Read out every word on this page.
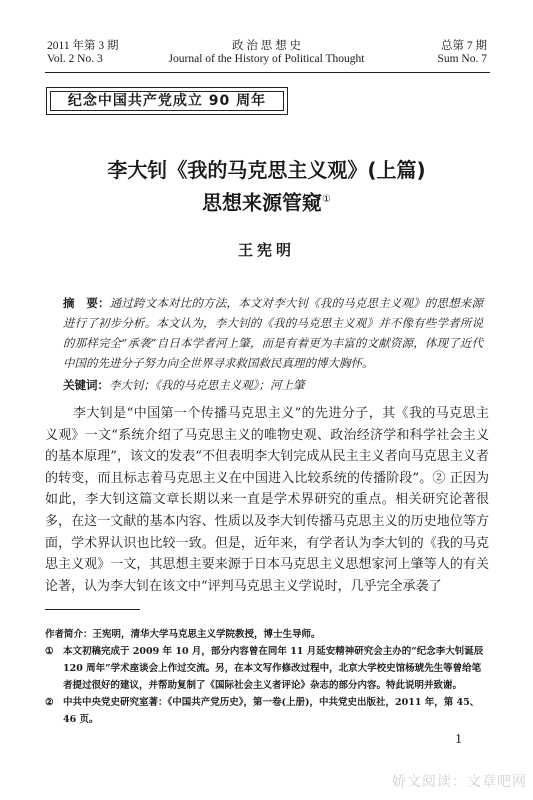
2011 年第 3 期
Vol. 2 No. 3
政 治 思 想 史
Journal of the History of Political Thought
总第 7 期
Sum No. 7
纪念中国共产党成立 90 周年
李大钊《我的马克思主义观》(上篇)
思想来源管窥①
王宪明
摘　要：通过跨文本对比的方法，本文对李大钊《我的马克思主义观》的思想来源进行了初步分析。本文认为，李大钊的《我的马克思主义观》并不像有些学者所说的那样完全“承袭”自日本学者河上肇，而是有着更为丰富的文献资源，体现了近代中国的先进分子努力向全世界寻求救国救民真理的博大胸怀。
关键词：李大钊；《我的马克思主义观》；河上肇
李大钊是“中国第一个传播马克思主义”的先进分子，其《我的马克思主义观》一文“系统介绍了马克思主义的唯物史观、政治经济学和科学社会主义的基本原理”，该文的发表“不但表明李大钊完成从民主主义者向马克思主义者的转变，而且标志着马克思主义在中国进入比较系统的传播阶段”。② 正因为如此，李大钊这篇文章长期以来一直是学术界研究的重点。相关研究论著很多，在这一文献的基本内容、性质以及李大钊传播马克思主义的历史地位等方面，学术界认识也比较一致。但是，近年来，有学者认为李大钊的《我的马克思主义观》一文，其思想主要来源于日本马克思主义思想家河上肇等人的有关论著，认为李大钊在该文中“评判马克思主义学说时，几乎完全承袭了
作者简介：王宪明，清华大学马克思主义学院教授，博士生导师。
① 本文初稿完成于 2009 年 10 月，部分内容曾在同年 11 月延安精神研究会主办的“纪念李大钊诞辰 120 周年”学术座谈会上作过交流。另，在本文写作修改过程中，北京大学校史馆杨琥先生等曾给笔者提过很好的建议，并帮助复制了《国际社会主义者评论》杂志的部分内容。特此说明并致谢。
② 中共中央党史研究室著：《中国共产党历史》，第一卷(上册)，中共党史出版社，2011 年，第 45、46 页。
1
娇文阅读：文章吧网
